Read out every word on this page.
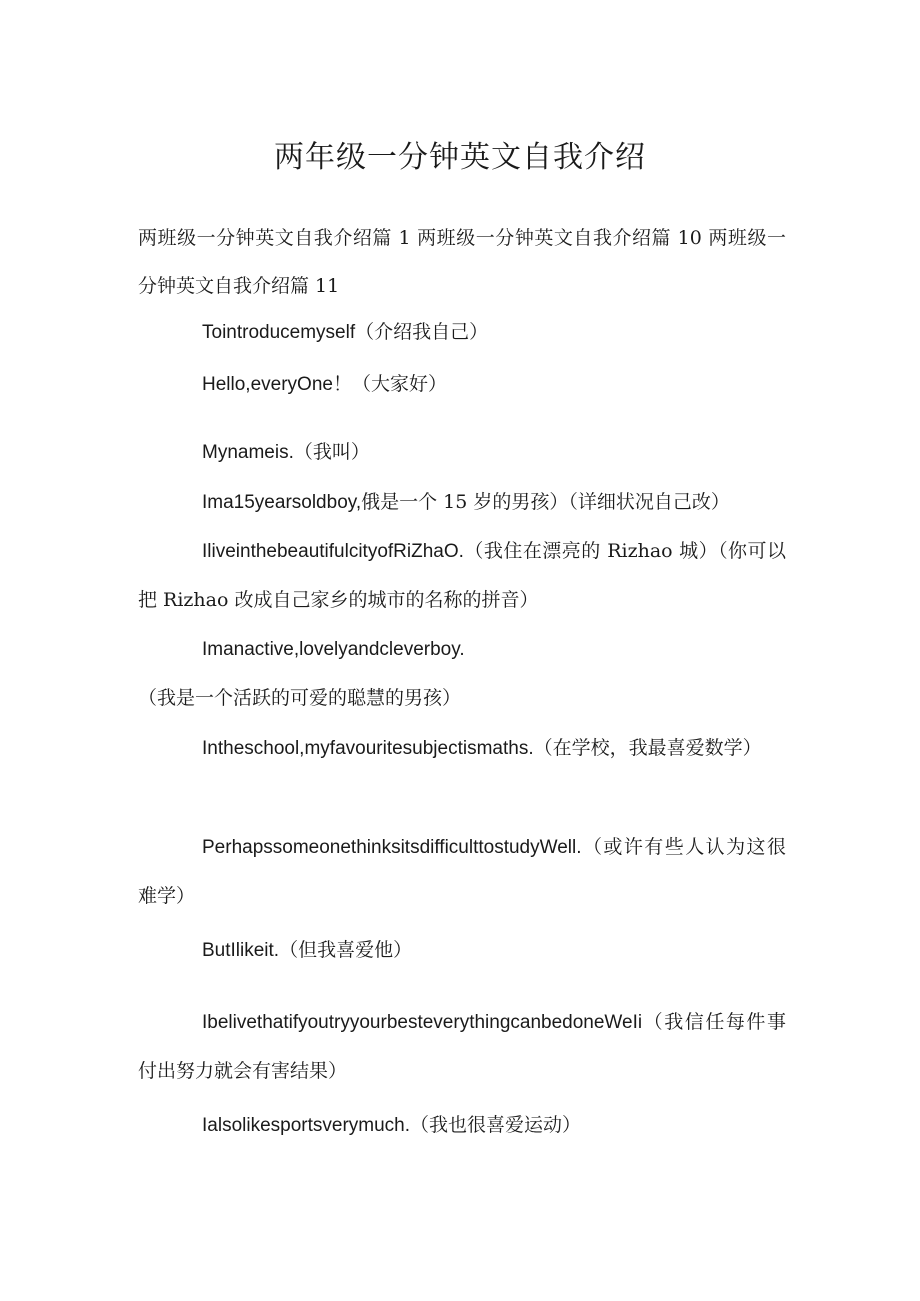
两年级一分钟英文自我介绍

两班级一分钟英文自我介绍篇 1 两班级一分钟英文自我介绍篇 10 两班级一分钟英文自我介绍篇 11

Tointroducemyself（介绍我自己）

Hello,everyOne！（大家好）

Mynameis.（我叫）

Ima15yearsoldboy,俄是一个 15 岁的男孩）（详细状况自己改）

IliveinthebeautifulcityofRiZhaO.（我住在漂亮的 Rizhao 城）（你可以把 Rizhao 改成自己家乡的城市的名称的拼音）

Imanactive,lovelyandcleverboy.（我是一个活跃的可爱的聪慧的男孩）

Intheschool,myfavouritesubjectismaths.（在学校，我最喜爱数学）

PerhapssomeonethinksitsdifficulttostudyWell.（或许有些人认为这很难学）

ButIlikeit.（但我喜爱他）

IbelivethatifyoutryyourbestеverythingcanbedoneWeIi（我信任每件事付出努力就会有害结果）

Ialsolikesportsverymuch.（我也很喜爱运动）
